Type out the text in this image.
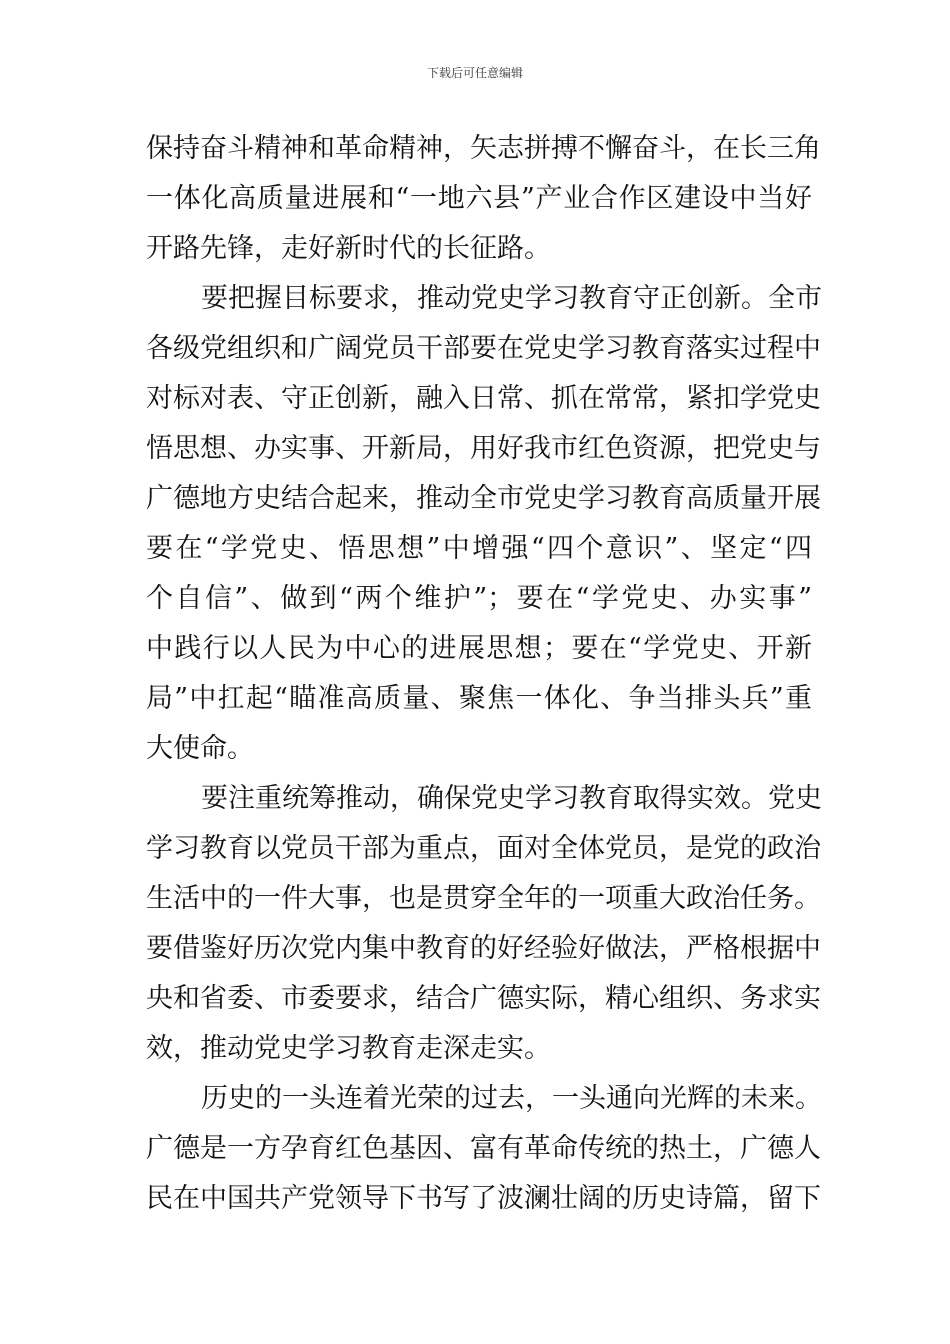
下载后可任意编辑
保持奋斗精神和革命精神，矢志拼搏不懈奋斗，在长三角
一体化高质量进展和“一地六县”产业合作区建设中当好
开路先锋，走好新时代的长征路。
要把握目标要求，推动党史学习教育守正创新。全市
各级党组织和广阔党员干部要在党史学习教育落实过程中
对标对表、守正创新，融入日常、抓在常常，紧扣学党史
悟思想、办实事、开新局，用好我市红色资源，把党史与
广德地方史结合起来，推动全市党史学习教育高质量开展
要在“学党史、悟思想”中增强“四个意识”、坚定“四
个自信”、做到“两个维护”；要在“学党史、办实事”
中践行以人民为中心的进展思想；要在“学党史、开新
局”中扛起“瞄准高质量、聚焦一体化、争当排头兵”重
大使命。
要注重统筹推动，确保党史学习教育取得实效。党史
学习教育以党员干部为重点，面对全体党员，是党的政治
生活中的一件大事，也是贯穿全年的一项重大政治任务。
要借鉴好历次党内集中教育的好经验好做法，严格根据中
央和省委、市委要求，结合广德实际，精心组织、务求实
效，推动党史学习教育走深走实。
历史的一头连着光荣的过去，一头通向光辉的未来。
广德是一方孕育红色基因、富有革命传统的热土，广德人
民在中国共产党领导下书写了波澜壮阔的历史诗篇，留下
